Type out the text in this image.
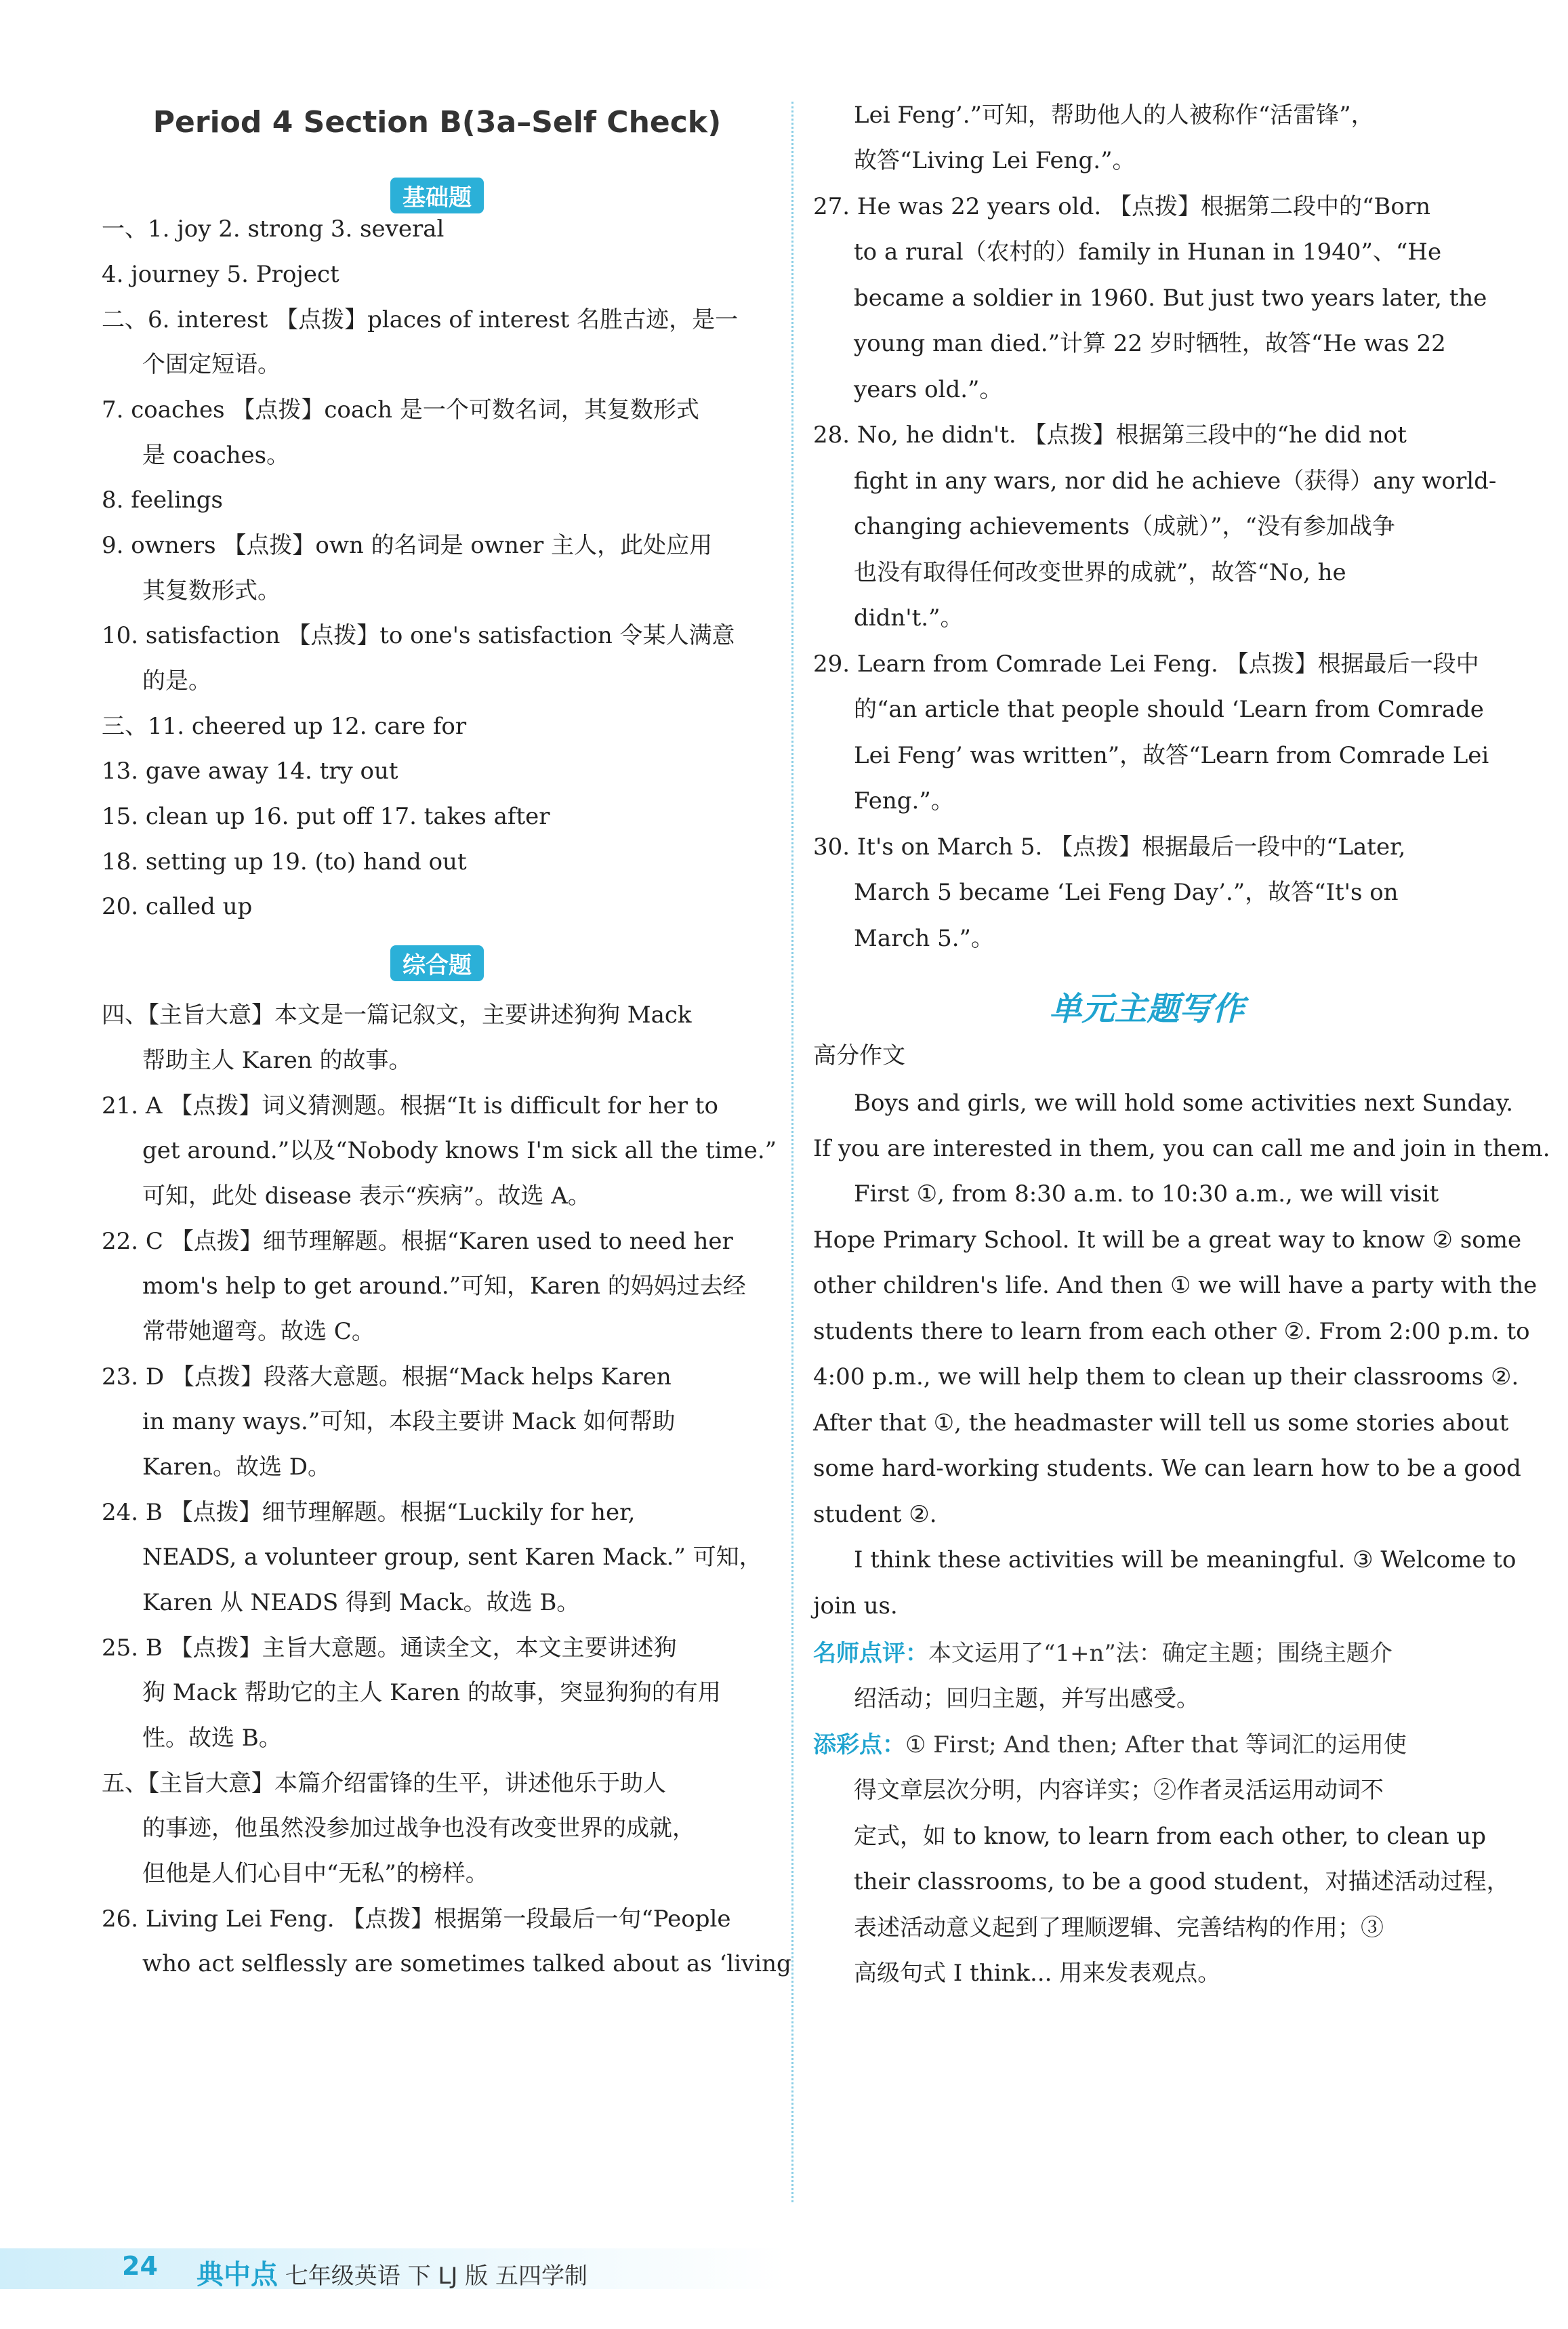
Period 4 Section B(3a–Self Check)
基础题
一、1. joy 2. strong 3. several
4. journey 5. Project
二、6. interest 【点拨】places of interest 名胜古迹，是一
个固定短语。
7. coaches 【点拨】coach 是一个可数名词，其复数形式
是 coaches。
8. feelings
9. owners 【点拨】own 的名词是 owner 主人，此处应用
其复数形式。
10. satisfaction 【点拨】to one's satisfaction 令某人满意
的是。
三、11. cheered up 12. care for
13. gave away 14. try out
15. clean up 16. put off 17. takes after
18. setting up 19. (to) hand out
20. called up
综合题
四、【主旨大意】本文是一篇记叙文，主要讲述狗狗 Mack
帮助主人 Karen 的故事。
21. A 【点拨】词义猜测题。根据“It is difficult for her to
get around.”以及“Nobody knows I'm sick all the time.”
可知，此处 disease 表示“疾病”。故选 A。
22. C 【点拨】细节理解题。根据“Karen used to need her
mom's help to get around.”可知，Karen 的妈妈过去经
常带她遛弯。故选 C。
23. D 【点拨】段落大意题。根据“Mack helps Karen
in many ways.”可知，本段主要讲 Mack 如何帮助
Karen。故选 D。
24. B 【点拨】细节理解题。根据“Luckily for her,
NEADS, a volunteer group, sent Karen Mack.” 可知，
Karen 从 NEADS 得到 Mack。故选 B。
25. B 【点拨】主旨大意题。通读全文，本文主要讲述狗
狗 Mack 帮助它的主人 Karen 的故事，突显狗狗的有用
性。故选 B。
五、【主旨大意】本篇介绍雷锋的生平，讲述他乐于助人
的事迹，他虽然没参加过战争也没有改变世界的成就，
但他是人们心目中“无私”的榜样。
26. Living Lei Feng. 【点拨】根据第一段最后一句“People
who act selflessly are sometimes talked about as ‘living
Lei Feng’.”可知，帮助他人的人被称作“活雷锋”，
故答“Living Lei Feng.”。
27. He was 22 years old. 【点拨】根据第二段中的“Born
to a rural（农村的）family in Hunan in 1940”、“He
became a soldier in 1960. But just two years later, the
young man died.”计算 22 岁时牺牲，故答“He was 22
years old.”。
28. No, he didn't. 【点拨】根据第三段中的“he did not
fight in any wars, nor did he achieve（获得）any world-
changing achievements（成就）”，“没有参加战争
也没有取得任何改变世界的成就”，故答“No, he
didn't.”。
29. Learn from Comrade Lei Feng. 【点拨】根据最后一段中
的“an article that people should ‘Learn from Comrade
Lei Feng’ was written”，故答“Learn from Comrade Lei
Feng.”。
30. It's on March 5. 【点拨】根据最后一段中的“Later,
March 5 became ‘Lei Feng Day’.”，故答“It's on
March 5.”。
单元主题写作
高分作文
Boys and girls, we will hold some activities next Sunday.
If you are interested in them, you can call me and join in them.
First ①, from 8:30 a.m. to 10:30 a.m., we will visit
Hope Primary School. It will be a great way to know ② some
other children's life. And then ① we will have a party with the
students there to learn from each other ②. From 2:00 p.m. to
4:00 p.m., we will help them to clean up their classrooms ②.
After that ①, the headmaster will tell us some stories about
some hard-working students. We can learn how to be a good
student ②.
I think these activities will be meaningful. ③ Welcome to
join us.
名师点评：本文运用了“1+n”法：确定主题；围绕主题介
绍活动；回归主题，并写出感受。
添彩点：① First; And then; After that 等词汇的运用使
得文章层次分明，内容详实；②作者灵活运用动词不
定式，如 to know, to learn from each other, to clean up
their classrooms, to be a good student，对描述活动过程，
表述活动意义起到了理顺逻辑、完善结构的作用；③
高级句式 I think... 用来发表观点。
24 典中点 七年级英语 下 LJ 版 五四学制
